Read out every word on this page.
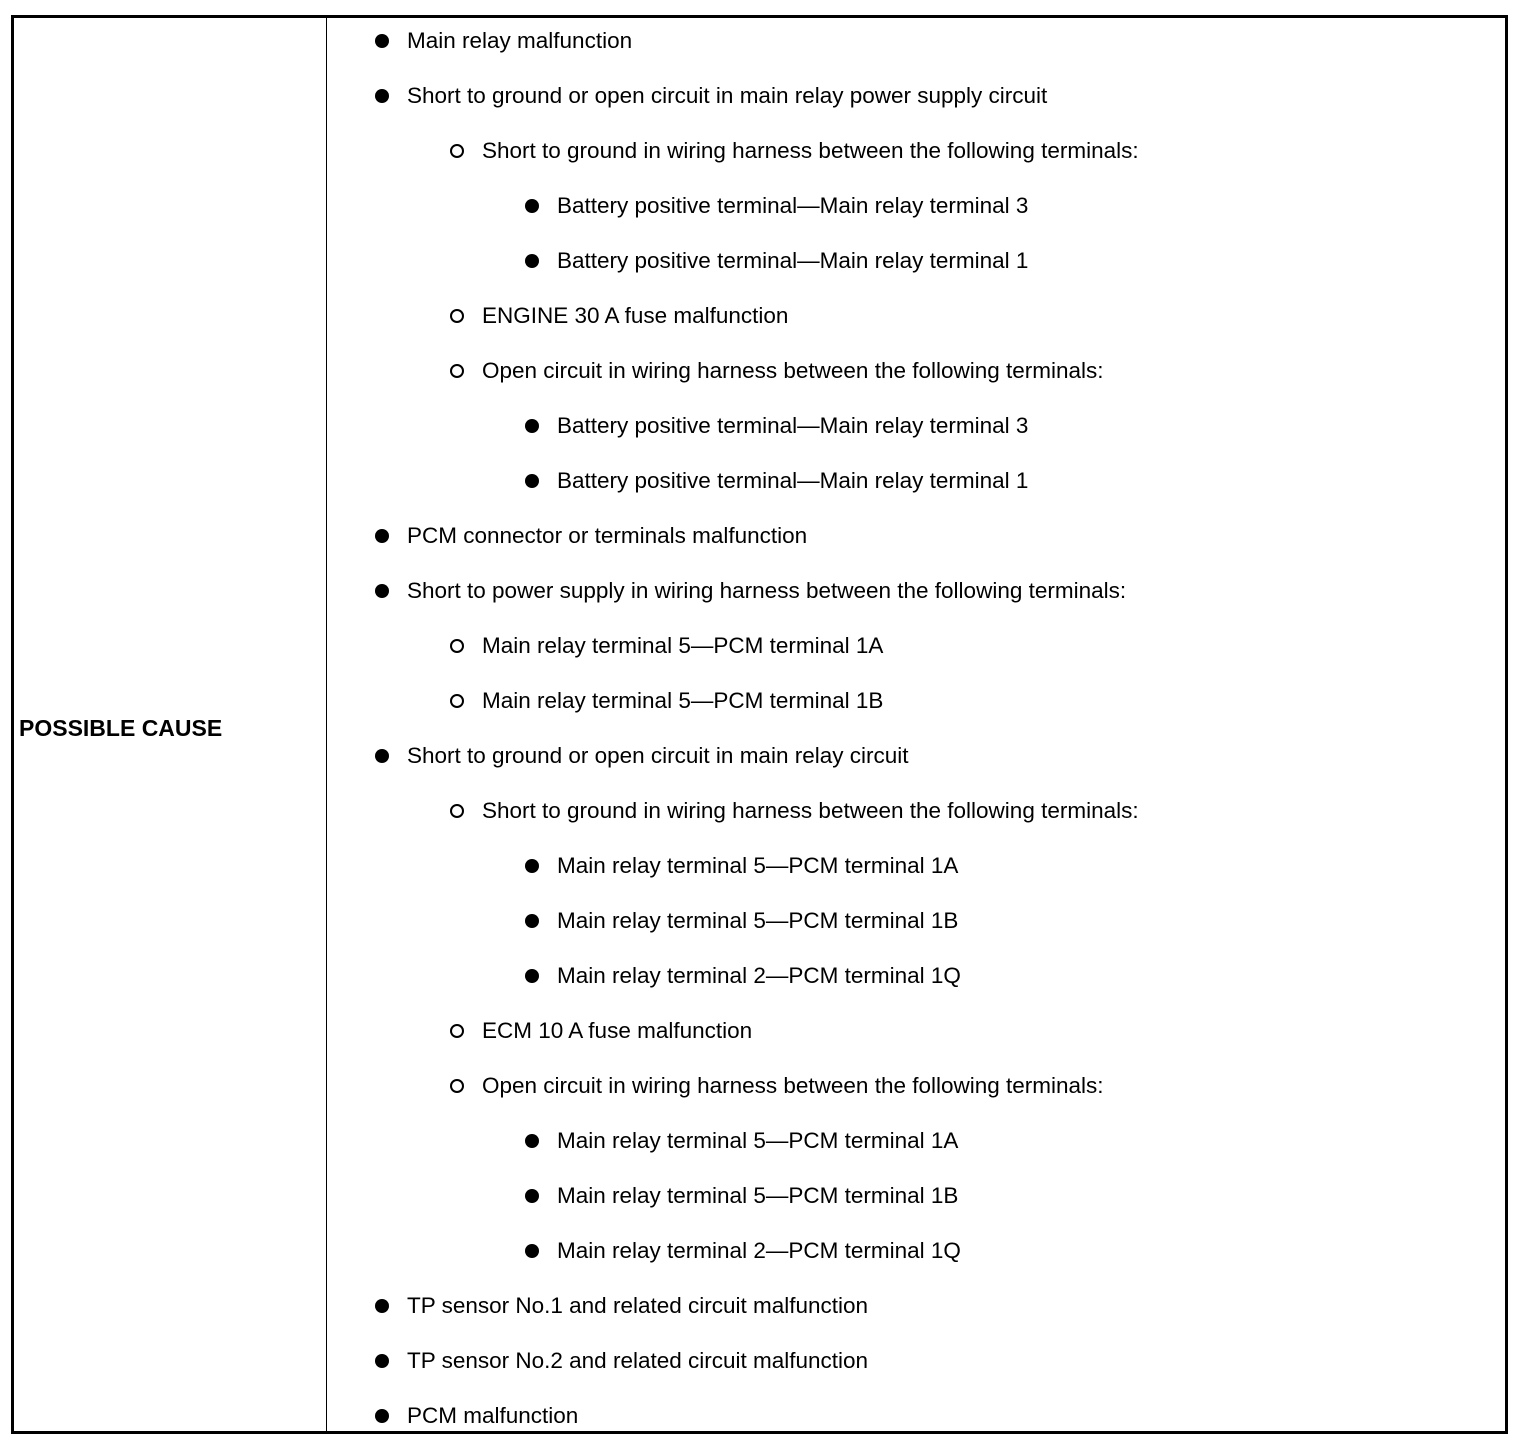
POSSIBLE CAUSE
Main relay malfunction
Short to ground or open circuit in main relay power supply circuit
Short to ground in wiring harness between the following terminals:
Battery positive terminal—Main relay terminal 3
Battery positive terminal—Main relay terminal 1
ENGINE 30 A fuse malfunction
Open circuit in wiring harness between the following terminals:
Battery positive terminal—Main relay terminal 3
Battery positive terminal—Main relay terminal 1
PCM connector or terminals malfunction
Short to power supply in wiring harness between the following terminals:
Main relay terminal 5—PCM terminal 1A
Main relay terminal 5—PCM terminal 1B
Short to ground or open circuit in main relay circuit
Short to ground in wiring harness between the following terminals:
Main relay terminal 5—PCM terminal 1A
Main relay terminal 5—PCM terminal 1B
Main relay terminal 2—PCM terminal 1Q
ECM 10 A fuse malfunction
Open circuit in wiring harness between the following terminals:
Main relay terminal 5—PCM terminal 1A
Main relay terminal 5—PCM terminal 1B
Main relay terminal 2—PCM terminal 1Q
TP sensor No.1 and related circuit malfunction
TP sensor No.2 and related circuit malfunction
PCM malfunction
